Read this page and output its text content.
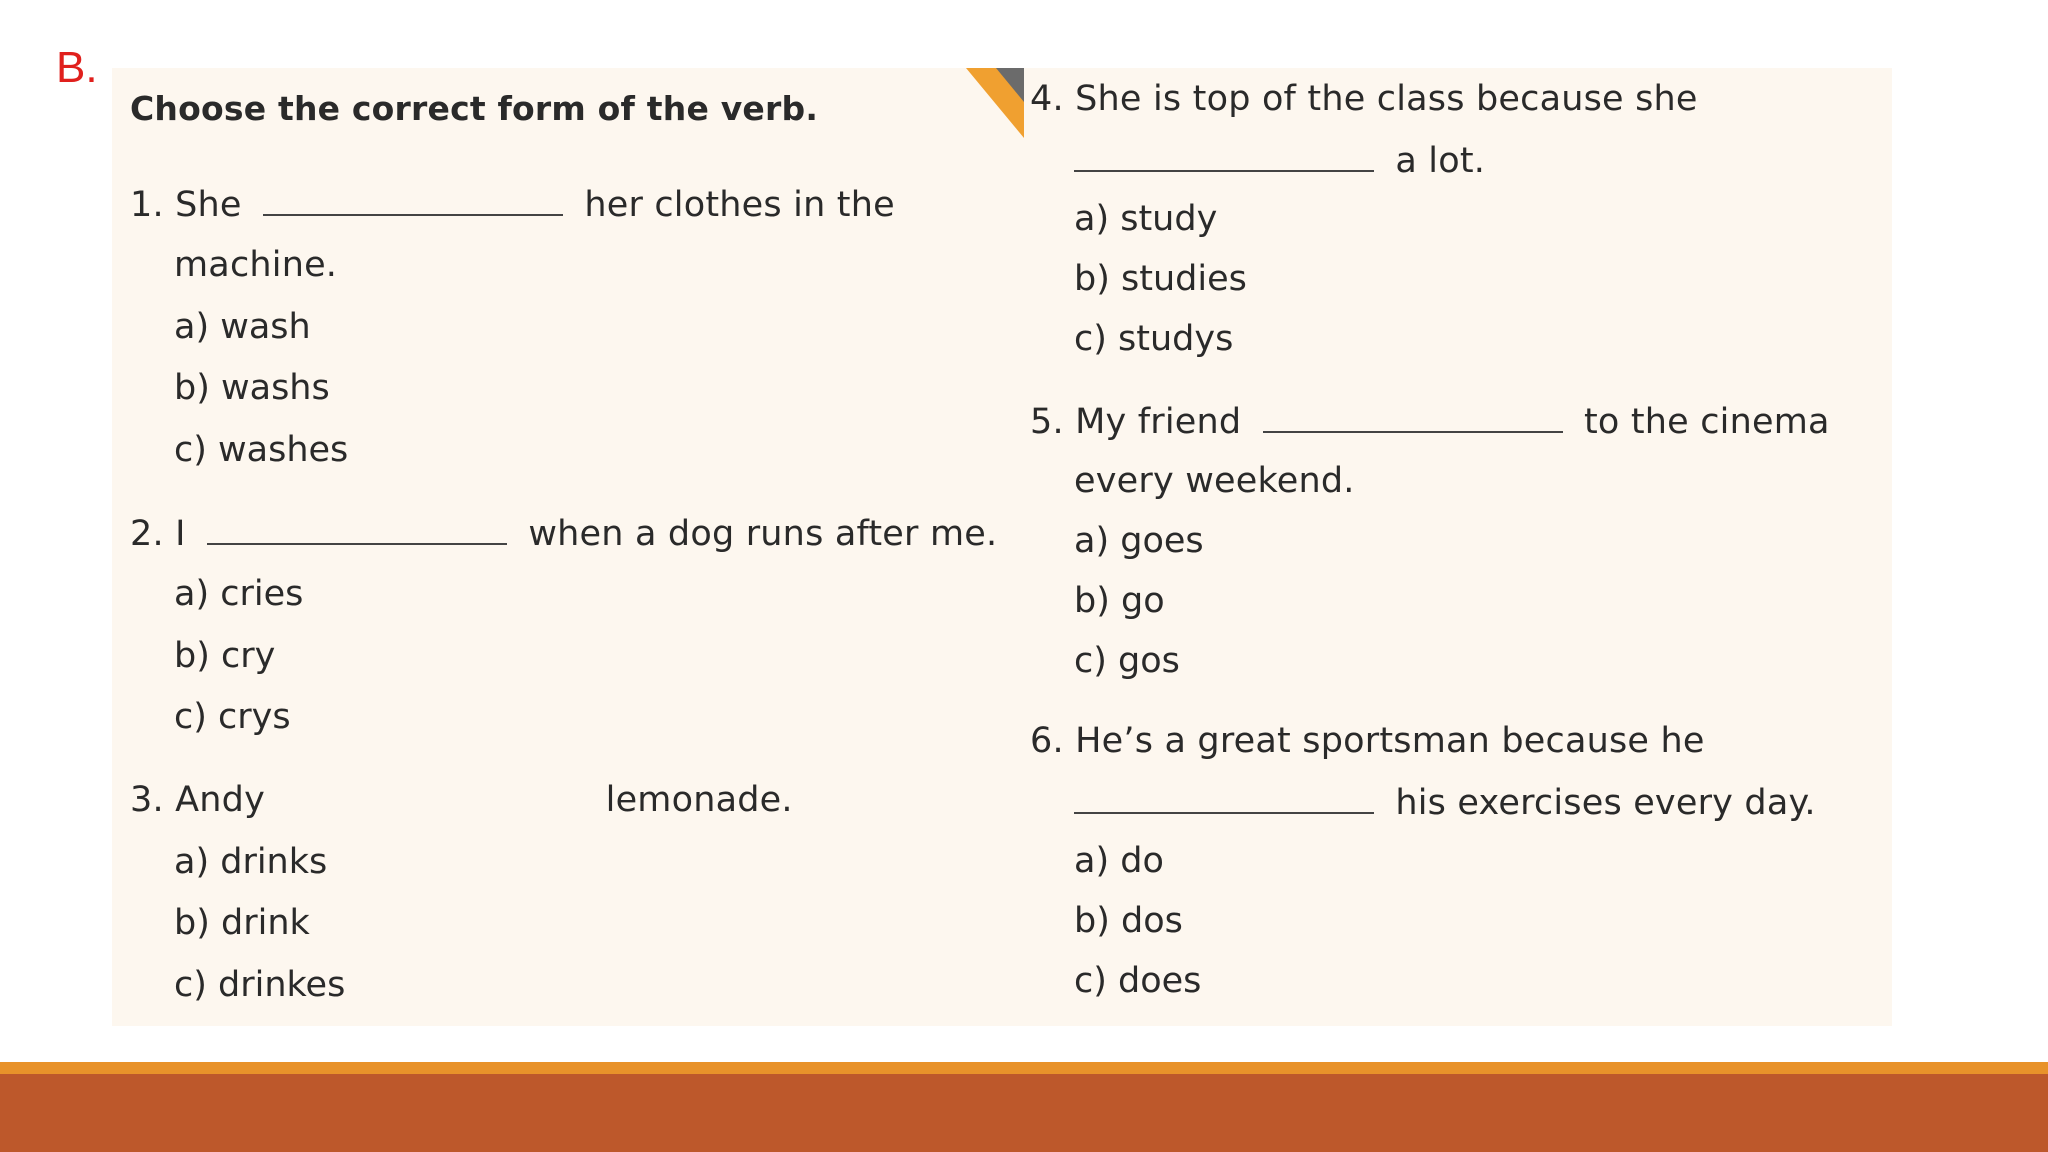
B.
Choose the correct form of the verb.
1. She	her clothes in the
machine.
a) wash
b) washs
c) washes
2. I	when a dog runs after me.
a) cries
b) cry
c) crys
3. Andy	lemonade.
a) drinks
b) drink
c) drinkes
4. She is top of the class because she
a lot.
a) study
b) studies
c) studys
5. My friend	to the cinema
every weekend.
a) goes
b) go
c) gos
6. He’s a great sportsman because he
his exercises every day.
a) do
b) dos
c) does
